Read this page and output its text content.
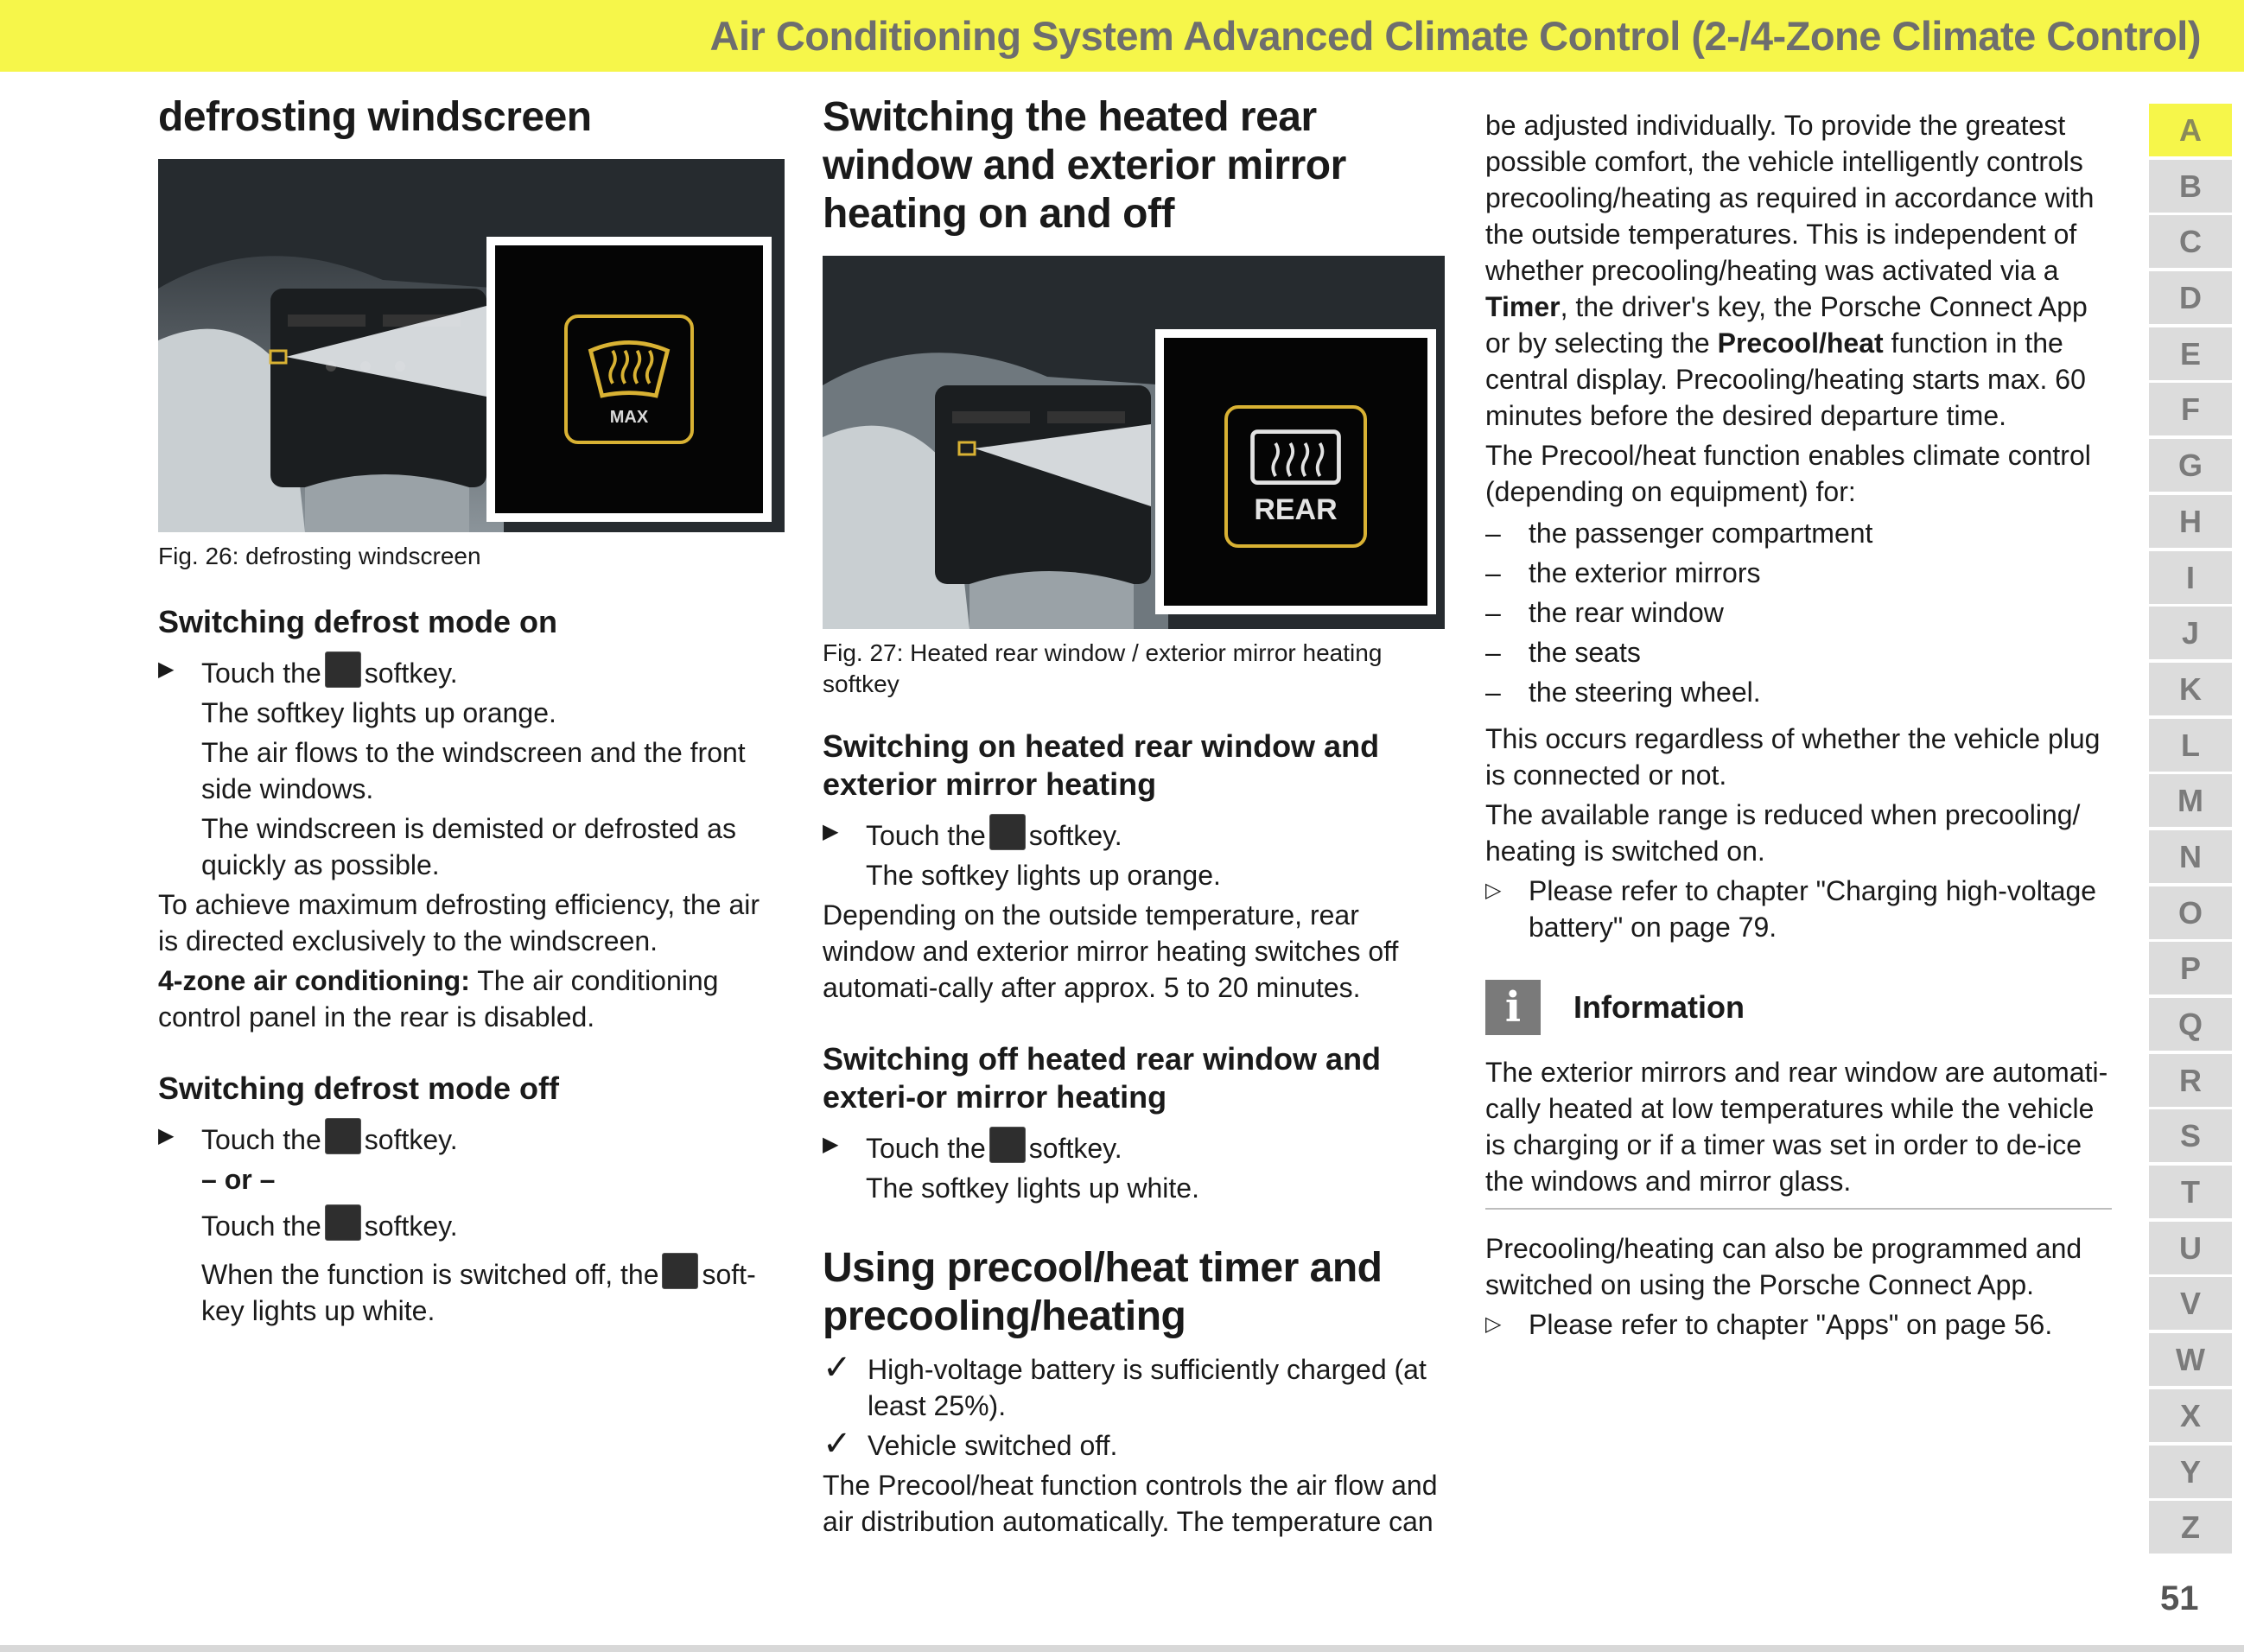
Air Conditioning System Advanced Climate Control (2-/4-Zone Climate Control)
defrosting windscreen
MAX

Fig. 26: defrosting windscreen

Switching defrost mode on

▶ Touch the softkey.

The softkey lights up orange.

The air flows to the windscreen and the front side windows.

The windscreen is demisted or defrosted as quickly as possible.

To achieve maximum defrosting efficiency, the air is directed exclusively to the windscreen.

4-zone air conditioning: The air conditioning control panel in the rear is disabled.

Switching defrost mode off

▶ Touch the softkey.

– or –

Touch the softkey.

When the function is switched off, the soft-key lights up white.

Switching the heated rear window and exterior mirror heating on and off
REAR

Fig. 27: Heated rear window / exterior mirror heating softkey

Switching on heated rear window and exterior mirror heating

▶ Touch the softkey.

The softkey lights up orange.

Depending on the outside temperature, rear window and exterior mirror heating switches off automati-cally after approx. 5 to 20 minutes.

Switching off heated rear window and exteri-or mirror heating

▶ Touch the softkey.

The softkey lights up white.

Using precool/heat timer and precooling/heating

✓ High-voltage battery is sufficiently charged (at least 25%).

✓ Vehicle switched off.

The Precool/heat function controls the air flow and air distribution automatically. The temperature can

be adjusted individually. To provide the greatest possible comfort, the vehicle intelligently controls precooling/heating as required in accordance with the outside temperatures. This is independent of whether precooling/heating was activated via a Timer, the driver's key, the Porsche Connect App or by selecting the Precool/heat function in the central display. Precooling/heating starts max. 60 minutes before the desired departure time.

The Precool/heat function enables climate control (depending on equipment) for:

– the passenger compartment

– the exterior mirrors

– the rear window

– the seats

– the steering wheel.

This occurs regardless of whether the vehicle plug is connected or not.

The available range is reduced when precooling/ heating is switched on.

▷ Please refer to chapter "Charging high-voltage battery" on page 79.

i	Information

The exterior mirrors and rear window are automati-cally heated at low temperatures while the vehicle is charging or if a timer was set in order to de-ice the windows and mirror glass.

Precooling/heating can also be programmed and switched on using the Porsche Connect App.

▷ Please refer to chapter "Apps" on page 56.

A
B
C
D
E
F
G
H
I
J
K
L
M
N
O
P
Q
R
S
T
U
V
W
X
Y
Z
51
